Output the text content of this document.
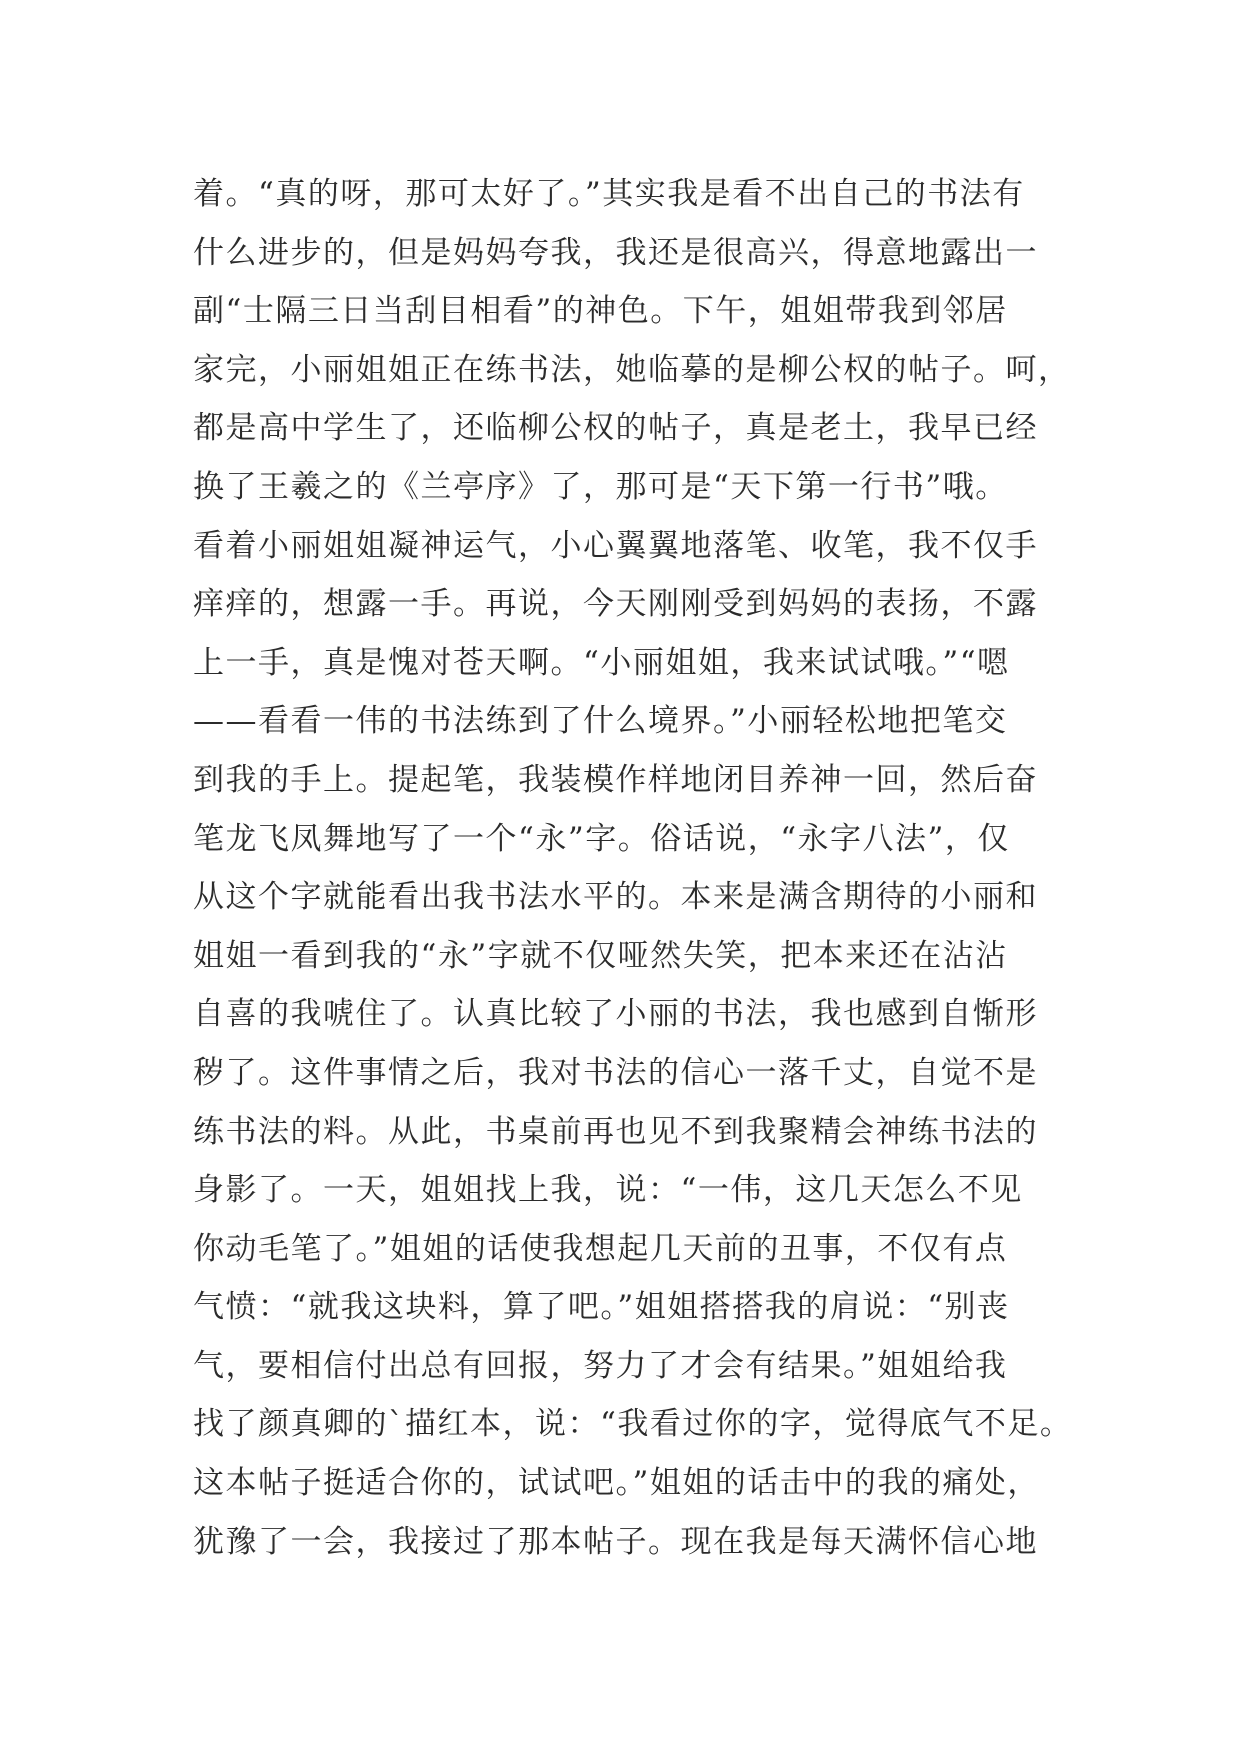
着。“真的呀，那可太好了。”其实我是看不出自己的书法有
什么进步的，但是妈妈夸我，我还是很高兴，得意地露出一
副“士隔三日当刮目相看”的神色。下午，姐姐带我到邻居
家完，小丽姐姐正在练书法，她临摹的是柳公权的帖子。呵，
都是高中学生了，还临柳公权的帖子，真是老土，我早已经
换了王羲之的《兰亭序》了，那可是“天下第一行书”哦。
看着小丽姐姐凝神运气，小心翼翼地落笔、收笔，我不仅手
痒痒的，想露一手。再说，今天刚刚受到妈妈的表扬，不露
上一手，真是愧对苍天啊。“小丽姐姐，我来试试哦。”“嗯
——看看一伟的书法练到了什么境界。”小丽轻松地把笔交
到我的手上。提起笔，我装模作样地闭目养神一回，然后奋
笔龙飞凤舞地写了一个“永”字。俗话说，“永字八法”，仅
从这个字就能看出我书法水平的。本来是满含期待的小丽和
姐姐一看到我的“永”字就不仅哑然失笑，把本来还在沾沾
自喜的我唬住了。认真比较了小丽的书法，我也感到自惭形
秽了。这件事情之后，我对书法的信心一落千丈，自觉不是
练书法的料。从此，书桌前再也见不到我聚精会神练书法的
身影了。一天，姐姐找上我，说：“一伟，这几天怎么不见
你动毛笔了。”姐姐的话使我想起几天前的丑事，不仅有点
气愤：“就我这块料，算了吧。”姐姐搭搭我的肩说：“别丧
气，要相信付出总有回报，努力了才会有结果。”姐姐给我
找了颜真卿的`描红本，说：“我看过你的字，觉得底气不足。
这本帖子挺适合你的，试试吧。”姐姐的话击中的我的痛处，
犹豫了一会，我接过了那本帖子。现在我是每天满怀信心地
